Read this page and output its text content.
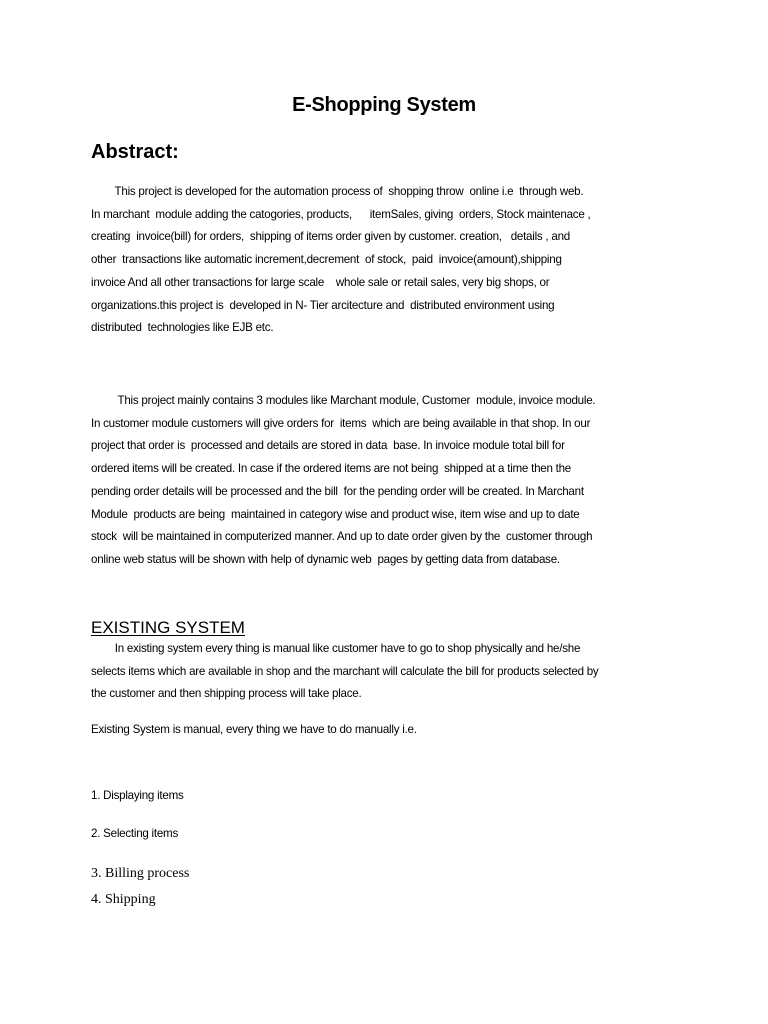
E-Shopping System
Abstract:
This project is developed for the automation process of  shopping throw  online i.e  through web.
In marchant  module adding the catogories, products,      itemSales, giving  orders, Stock maintenace ,
creating  invoice(bill) for orders,  shipping of items order given by customer. creation,   details , and
other  transactions like automatic increment,decrement  of stock,  paid  invoice(amount),shipping
invoice And all other transactions for large scale    whole sale or retail sales, very big shops, or
organizations.this project is  developed in N- Tier arcitecture and  distributed environment using
distributed  technologies like EJB etc.
This project mainly contains 3 modules like Marchant module, Customer  module, invoice module.
In customer module customers will give orders for  items  which are being available in that shop. In our
project that order is  processed and details are stored in data  base. In invoice module total bill for
ordered items will be created. In case if the ordered items are not being  shipped at a time then the
pending order details will be processed and the bill  for the pending order will be created. In Marchant
Module  products are being  maintained in category wise and product wise, item wise and up to date
stock  will be maintained in computerized manner. And up to date order given by the  customer through
online web status will be shown with help of dynamic web  pages by getting data from database.
EXISTING SYSTEM
In existing system every thing is manual like customer have to go to shop physically and he/she
selects items which are available in shop and the marchant will calculate the bill for products selected by
the customer and then shipping process will take place.
Existing System is manual, every thing we have to do manually i.e.
1. Displaying items
2. Selecting items
3. Billing process
4. Shipping
